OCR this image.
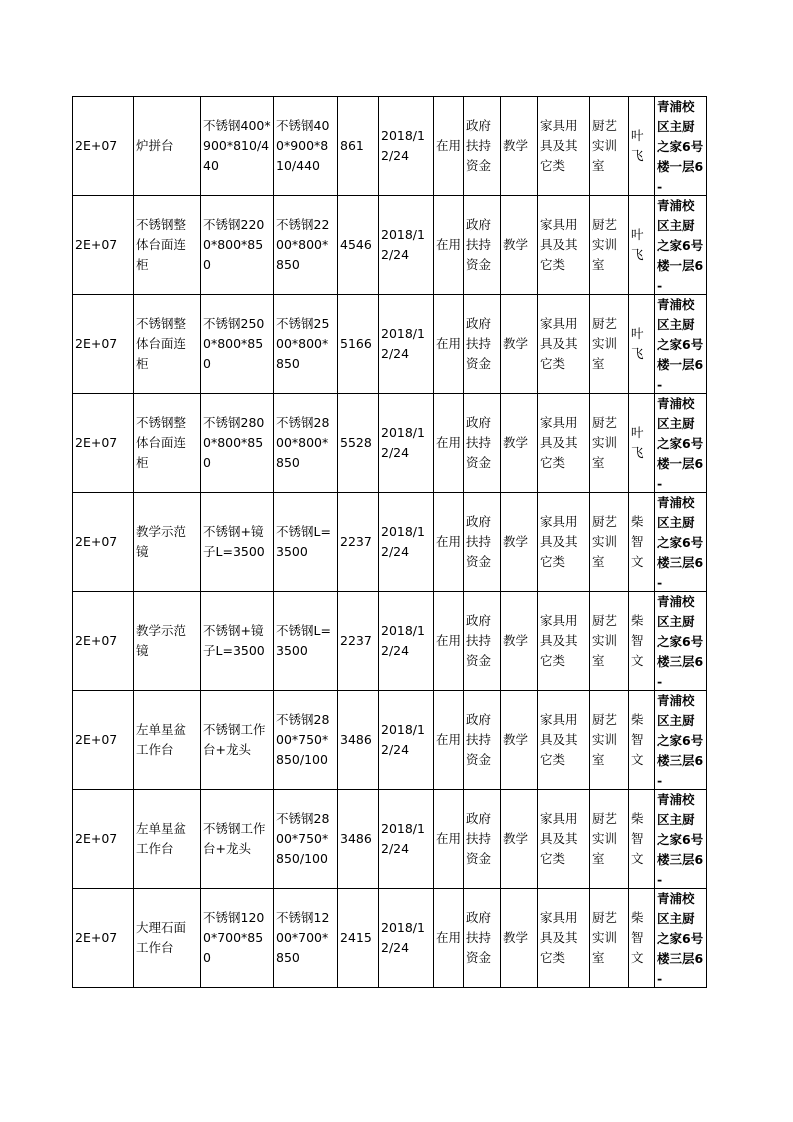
2E+07	炉拼台	不锈钢400*900*810/440	不锈钢400*900*810/440	861	2018/12/24	在用	政府扶持资金	教学	家具用具及其它类	厨艺实训室	叶飞	青浦校区主厨之家6号楼一层6-

2E+07	不锈钢整体台面连柜	不锈钢2200*800*850	不锈钢2200*800*850	4546	2018/12/24	在用	政府扶持资金	教学	家具用具及其它类	厨艺实训室	叶飞	青浦校区主厨之家6号楼一层6-

2E+07	不锈钢整体台面连柜	不锈钢2500*800*850	不锈钢2500*800*850	5166	2018/12/24	在用	政府扶持资金	教学	家具用具及其它类	厨艺实训室	叶飞	青浦校区主厨之家6号楼一层6-

2E+07	不锈钢整体台面连柜	不锈钢2800*800*850	不锈钢2800*800*850	5528	2018/12/24	在用	政府扶持资金	教学	家具用具及其它类	厨艺实训室	叶飞	青浦校区主厨之家6号楼一层6-

2E+07	教学示范镜	不锈钢+镜子L=3500	不锈钢L=3500	2237	2018/12/24	在用	政府扶持资金	教学	家具用具及其它类	厨艺实训室	柴智文	青浦校区主厨之家6号楼三层6-

2E+07	教学示范镜	不锈钢+镜子L=3500	不锈钢L=3500	2237	2018/12/24	在用	政府扶持资金	教学	家具用具及其它类	厨艺实训室	柴智文	青浦校区主厨之家6号楼三层6-

2E+07	左单星盆工作台	不锈钢工作台+龙头	不锈钢2800*750*850/100	3486	2018/12/24	在用	政府扶持资金	教学	家具用具及其它类	厨艺实训室	柴智文	青浦校区主厨之家6号楼三层6-

2E+07	左单星盆工作台	不锈钢工作台+龙头	不锈钢2800*750*850/100	3486	2018/12/24	在用	政府扶持资金	教学	家具用具及其它类	厨艺实训室	柴智文	青浦校区主厨之家6号楼三层6-

2E+07	大理石面工作台	不锈钢1200*700*850	不锈钢1200*700*850	2415	2018/12/24	在用	政府扶持资金	教学	家具用具及其它类	厨艺实训室	柴智文	青浦校区主厨之家6号楼三层6-
